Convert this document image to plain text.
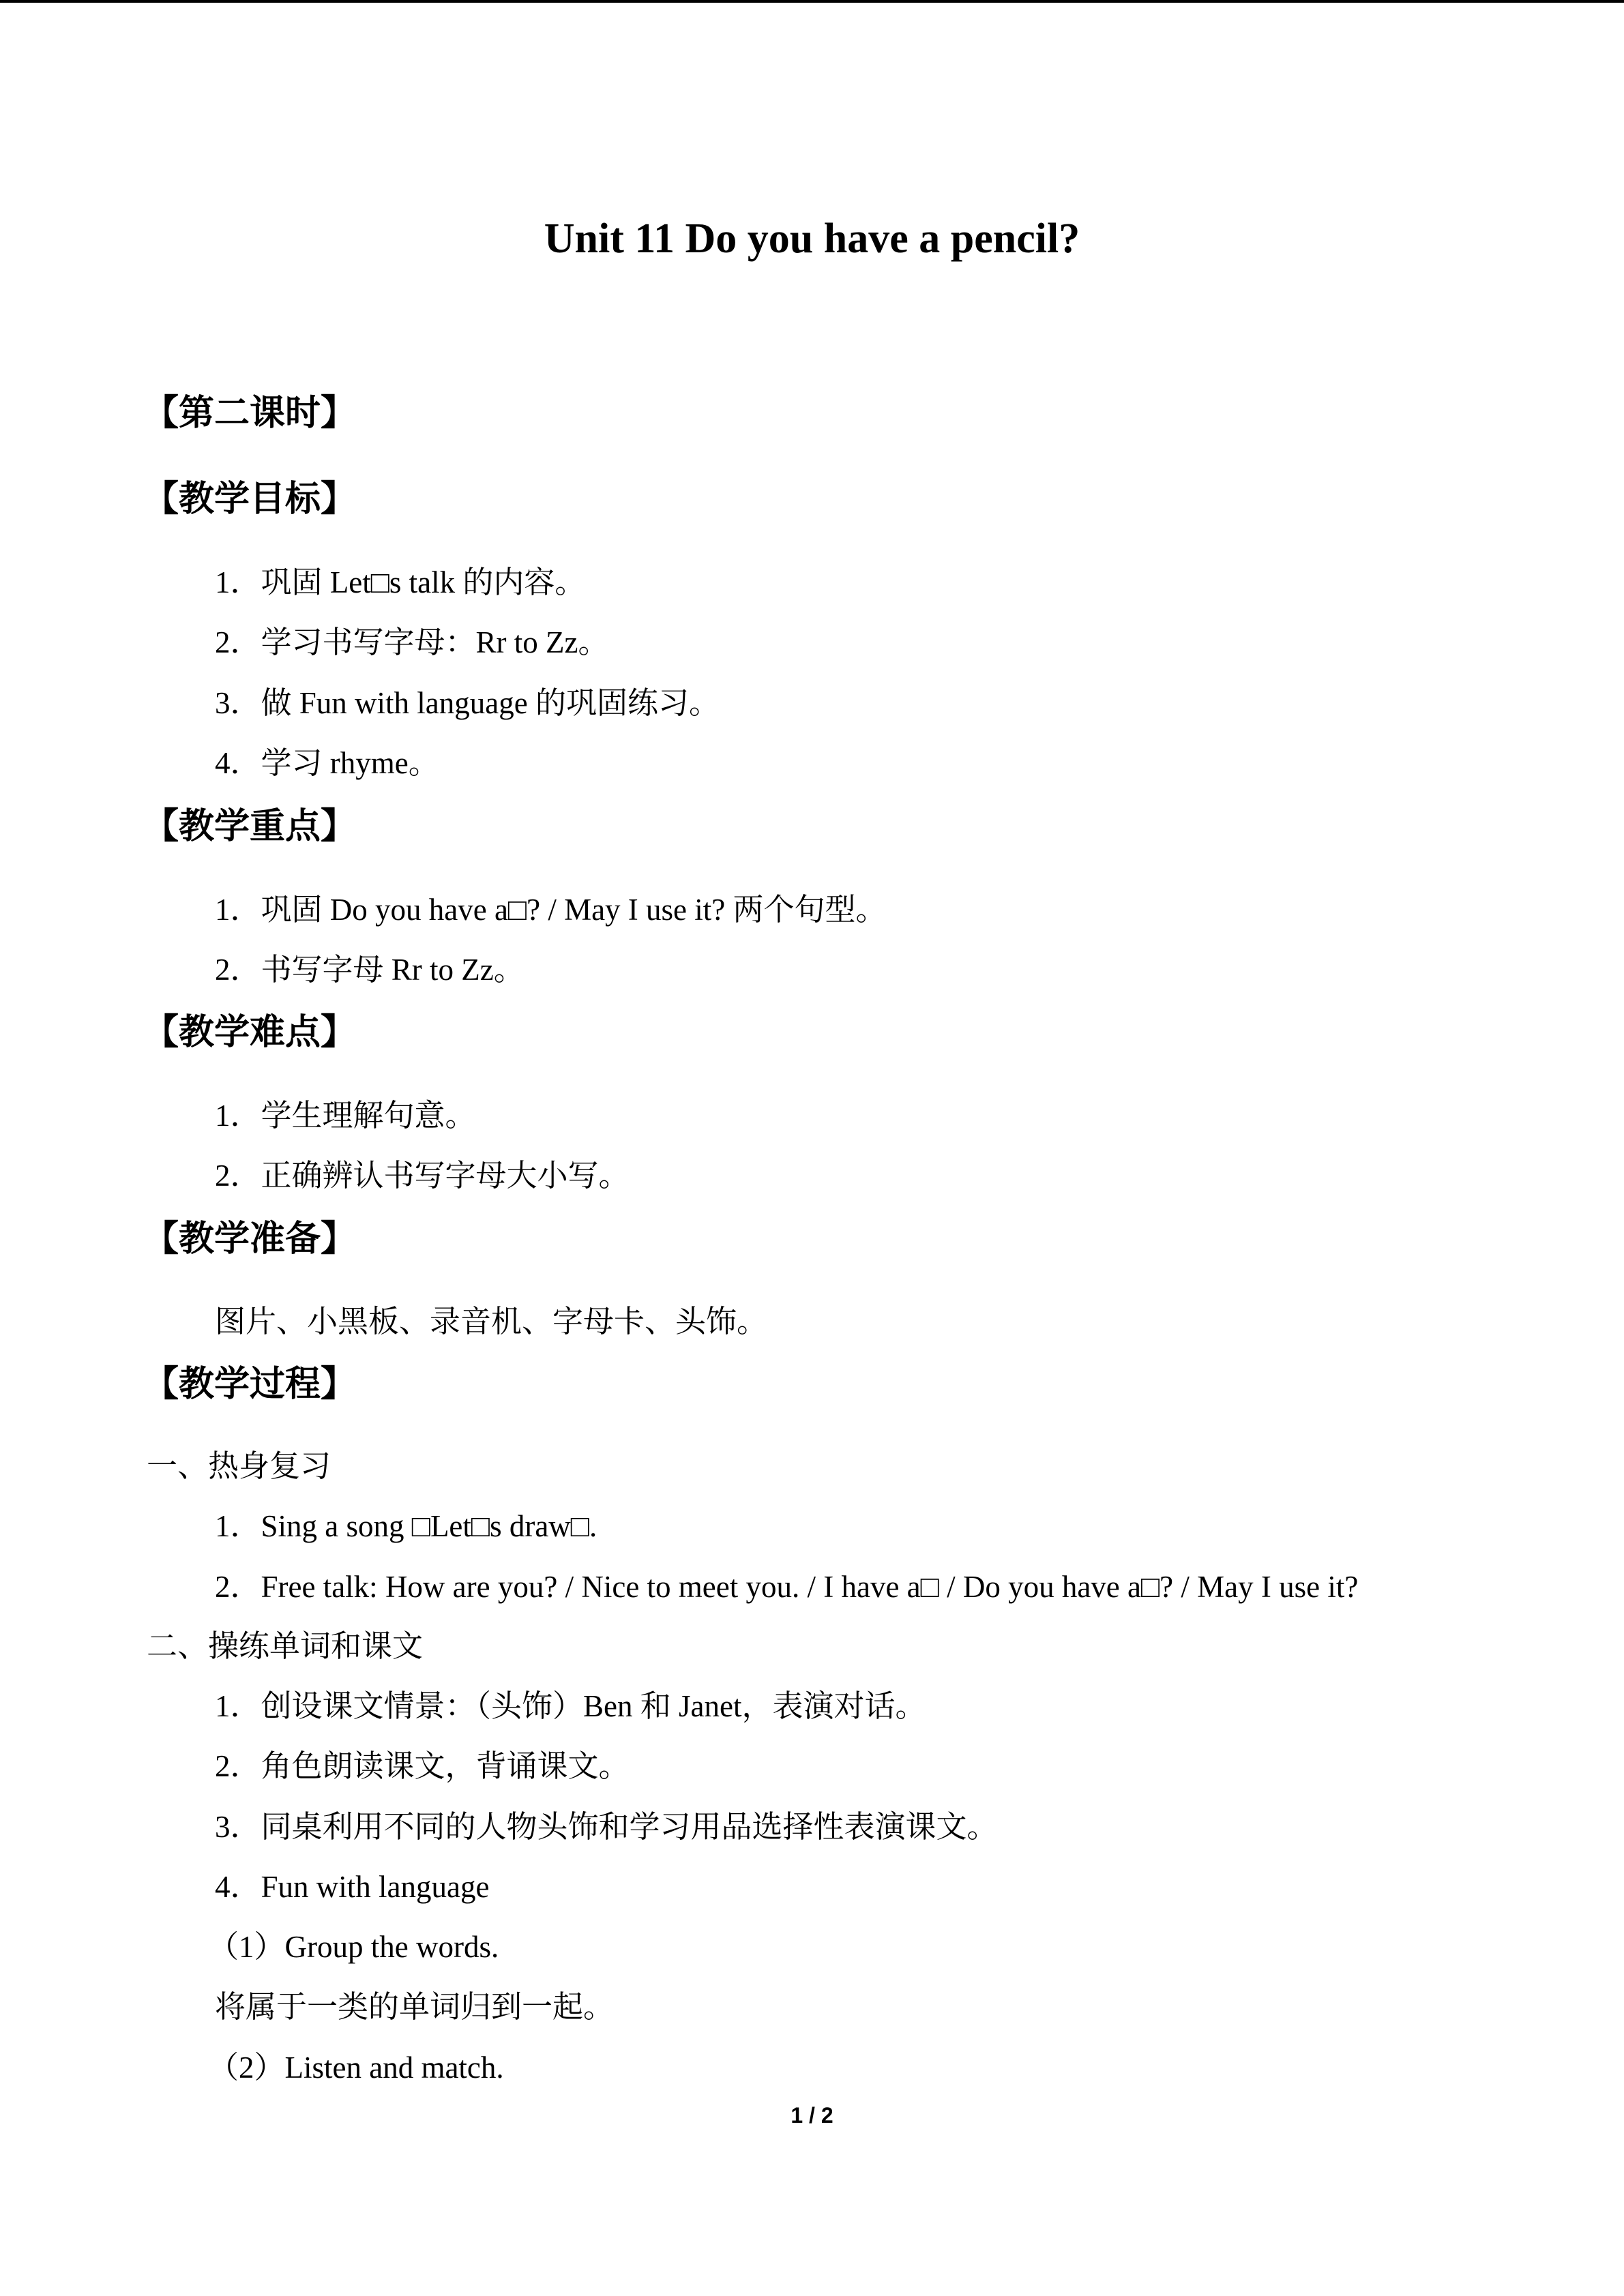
Unit 11 Do you have a pencil?
【第二课时】
【教学目标】
1．巩固 Let□s talk 的内容。
2．学习书写字母：Rr to Zz。
3．做 Fun with language 的巩固练习。
4．学习 rhyme。
【教学重点】
1．巩固 Do you have a□? / May I use it? 两个句型。
2．书写字母 Rr to Zz。
【教学难点】
1．学生理解句意。
2．正确辨认书写字母大小写。
【教学准备】
图片、小黑板、录音机、字母卡、头饰。
【教学过程】
一、热身复习
1．Sing a song □Let□s draw□.
2．Free talk: How are you? / Nice to meet you. / I have a□ / Do you have a□? / May I use it?
二、操练单词和课文
1．创设课文情景：（头饰）Ben 和 Janet，表演对话。
2．角色朗读课文，背诵课文。
3．同桌利用不同的人物头饰和学习用品选择性表演课文。
4．Fun with language
（1）Group the words.
将属于一类的单词归到一起。
（2）Listen and match.
1 / 2
